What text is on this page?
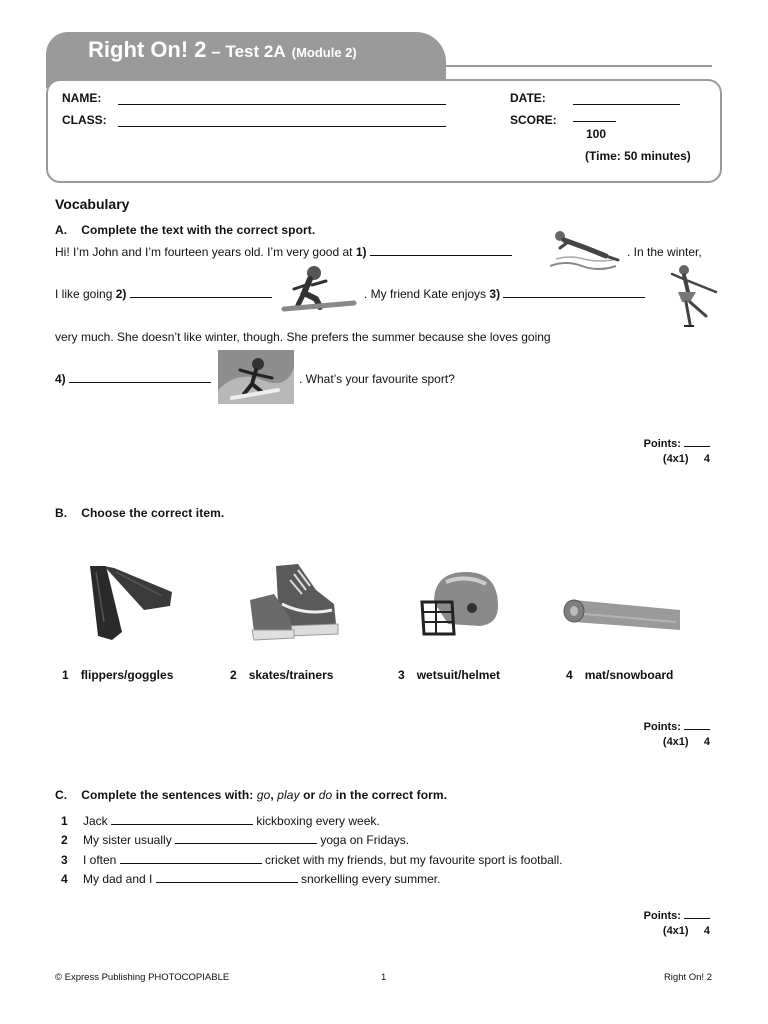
Right On! 2 – Test 2A (Module 2)
NAME:
CLASS:
DATE:
SCORE:
100
(Time: 50 minutes)
Vocabulary
A. Complete the text with the correct sport.
Hi! I’m John and I’m fourteen years old. I’m very good at 1)	. In the winter,
I like going 2)	. My friend Kate enjoys 3)
very much. She doesn’t like winter, though. She prefers the summer because she loves going
4)	. What’s your favourite sport?
Points:
(4x1) 4
B. Choose the correct item.
1 flippers/goggles	2 skates/trainers	3 wetsuit/helmet	4 mat/snowboard
Points:
(4x1) 4
C. Complete the sentences with: go, play or do in the correct form.
1 Jack	kickboxing every week.
2 My sister usually	yoga on Fridays.
3 I often	cricket with my friends, but my favourite sport is football.
4 My dad and I	snorkelling every summer.
Points:
(4x1) 4
© Express Publishing PHOTOCOPIABLE	1	Right On! 2
